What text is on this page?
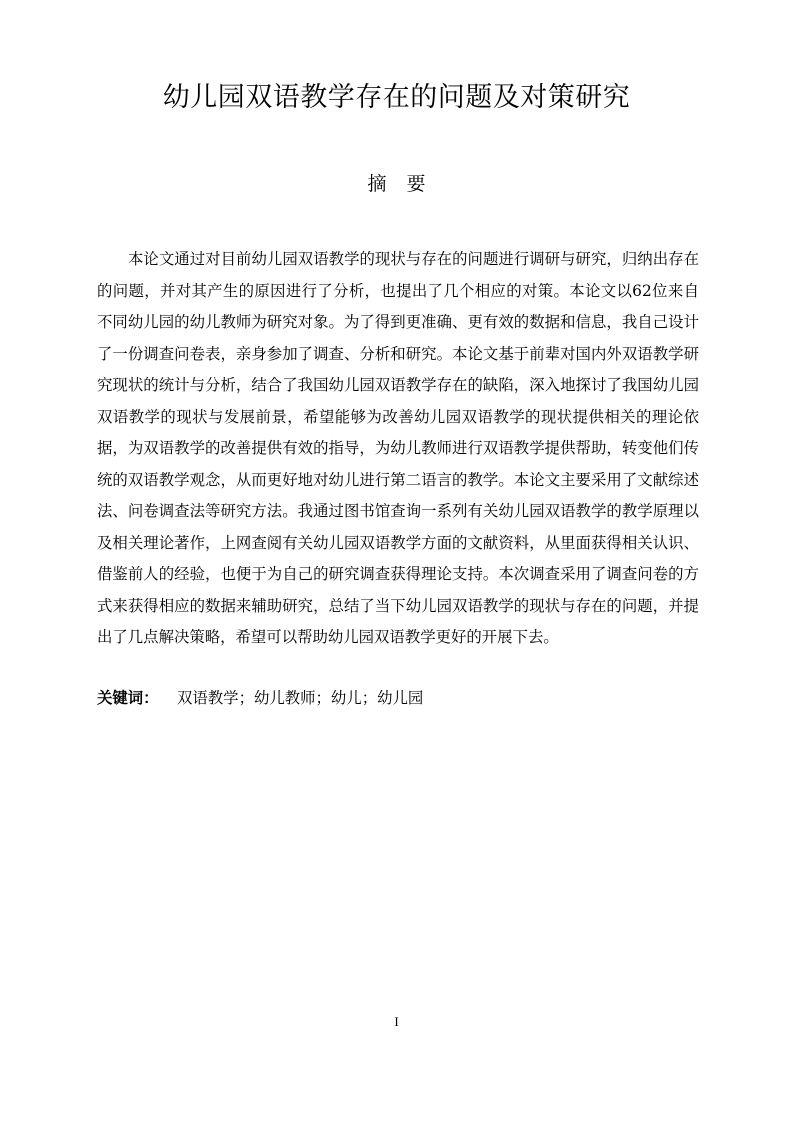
幼儿园双语教学存在的问题及对策研究
摘要

本论文通过对目前幼儿园双语教学的现状与存在的问题进行调研与研究，归纳出存在的问题，并对其产生的原因进行了分析，也提出了几个相应的对策。本论文以62位来自不同幼儿园的幼儿教师为研究对象。为了得到更准确、更有效的数据和信息，我自己设计了一份调查问卷表，亲身参加了调查、分析和研究。本论文基于前辈对国内外双语教学研究现状的统计与分析，结合了我国幼儿园双语教学存在的缺陷，深入地探讨了我国幼儿园双语教学的现状与发展前景，希望能够为改善幼儿园双语教学的现状提供相关的理论依据，为双语教学的改善提供有效的指导，为幼儿教师进行双语教学提供帮助，转变他们传统的双语教学观念，从而更好地对幼儿进行第二语言的教学。本论文主要采用了文献综述法、问卷调查法等研究方法。我通过图书馆查询一系列有关幼儿园双语教学的教学原理以及相关理论著作，上网查阅有关幼儿园双语教学方面的文献资料，从里面获得相关认识、借鉴前人的经验，也便于为自己的研究调查获得理论支持。本次调查采用了调查问卷的方式来获得相应的数据来辅助研究，总结了当下幼儿园双语教学的现状与存在的问题，并提出了几点解决策略，希望可以帮助幼儿园双语教学更好的开展下去。

关键词： 双语教学；幼儿教师；幼儿；幼儿园
I
